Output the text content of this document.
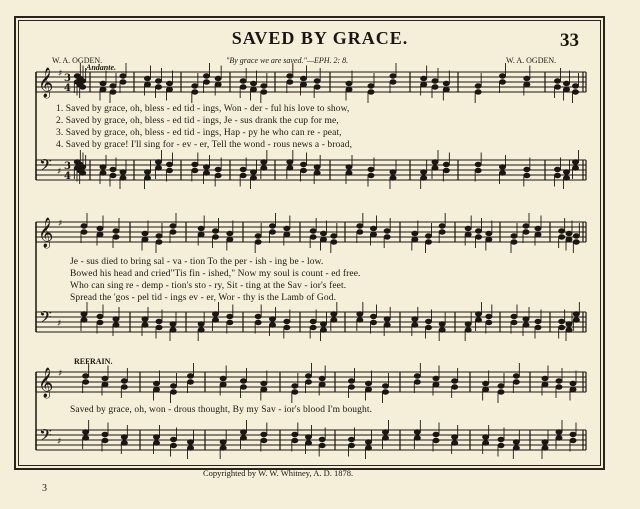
SAVED BY GRACE.	33
W. A. OGDEN.	"By grace we are saved."—EPH. 2: 8.	W. A. OGDEN.
Andante.
REFRAIN.
𝄞
𝄢
♯
♯
3
4
3
4
𝄞
𝄢
♯
♯
𝄞
𝄢
♯
♯
1. Saved by grace, oh, bless - ed tid - ings, Won - der - ful his love to show,
2. Saved by grace, oh, bless - ed tid - ings, Je - sus drank the cup for me,
3. Saved by grace, oh, bless - ed tid - ings, Hap - py he who can re - peat,
4. Saved by grace! I'll sing for - ev - er, Tell the wond - rous news a - broad,
Je - sus died to bring sal - va - tion To the per - ish - ing be - low.
Bowed his head and cried"Tis fin - ished," Now my soul is count - ed free.
Who can sing re - demp - tion's sto - ry, Sit - ting at the Sav - ior's feet.
Spread the 'gos - pel tid - ings ev - er, Wor - thy is the Lamb of God.
Saved by grace, oh, won - drous thought, By my Sav - ior's blood I'm bought.
Copyrighted by W. W. Whitney, A. D. 1878.
3
